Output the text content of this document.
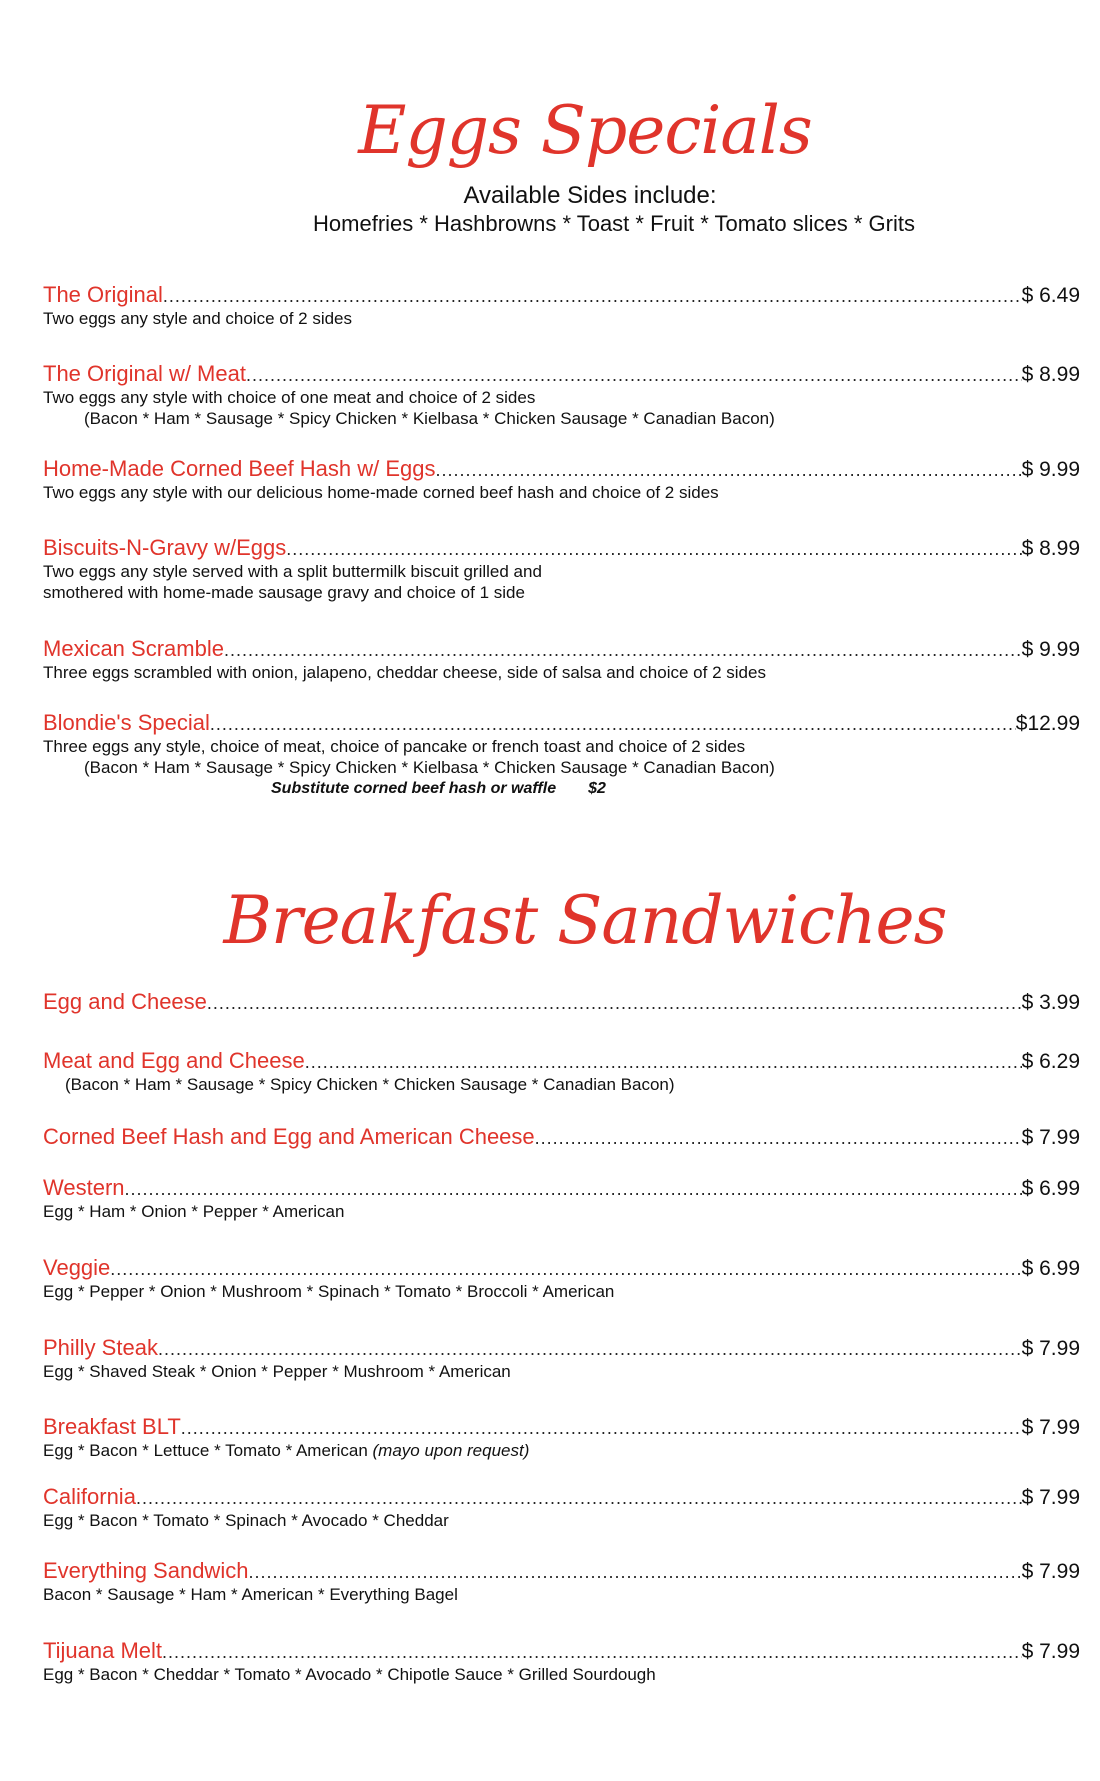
Eggs Specials
Available Sides include:
Homefries * Hashbrowns * Toast * Fruit * Tomato slices * Grits
The Original .....	$ 6.49
Two eggs any style and choice of 2 sides
The Original w/ Meat .....	$ 8.99
Two eggs any style with choice of one meat and choice of 2 sides
(Bacon * Ham * Sausage * Spicy Chicken * Kielbasa * Chicken Sausage * Canadian Bacon)
Home-Made Corned Beef Hash w/ Eggs .....	$ 9.99
Two eggs any style with our delicious home-made corned beef hash and choice of 2 sides
Biscuits-N-Gravy w/Eggs .....	$ 8.99
Two eggs any style served with a split buttermilk biscuit grilled and
smothered with home-made sausage gravy and choice of 1 side
Mexican Scramble .....	$ 9.99
Three eggs scrambled with onion, jalapeno, cheddar cheese, side of salsa and choice of 2 sides
Blondie's Special .....	$12.99
Three eggs any style, choice of meat, choice of pancake or french toast and choice of 2 sides
(Bacon * Ham * Sausage * Spicy Chicken * Kielbasa * Chicken Sausage * Canadian Bacon)
Substitute corned beef hash or waffle $2
Breakfast Sandwiches
Egg and Cheese .....	$ 3.99
Meat and Egg and Cheese .....	$ 6.29
(Bacon * Ham * Sausage * Spicy Chicken * Chicken Sausage * Canadian Bacon)
Corned Beef Hash and Egg and American Cheese .....	$ 7.99
Western .....	$ 6.99
Egg * Ham * Onion * Pepper * American
Veggie .....	$ 6.99
Egg * Pepper * Onion * Mushroom * Spinach * Tomato * Broccoli * American
Philly Steak .....	$ 7.99
Egg * Shaved Steak * Onion * Pepper * Mushroom * American
Breakfast BLT .....	$ 7.99
Egg * Bacon * Lettuce * Tomato * American (mayo upon request)
California .....	$ 7.99
Egg * Bacon * Tomato * Spinach * Avocado * Cheddar
Everything Sandwich .....	$ 7.99
Bacon * Sausage * Ham * American * Everything Bagel
Tijuana Melt .....	$ 7.99
Egg * Bacon * Cheddar * Tomato * Avocado * Chipotle Sauce * Grilled Sourdough
